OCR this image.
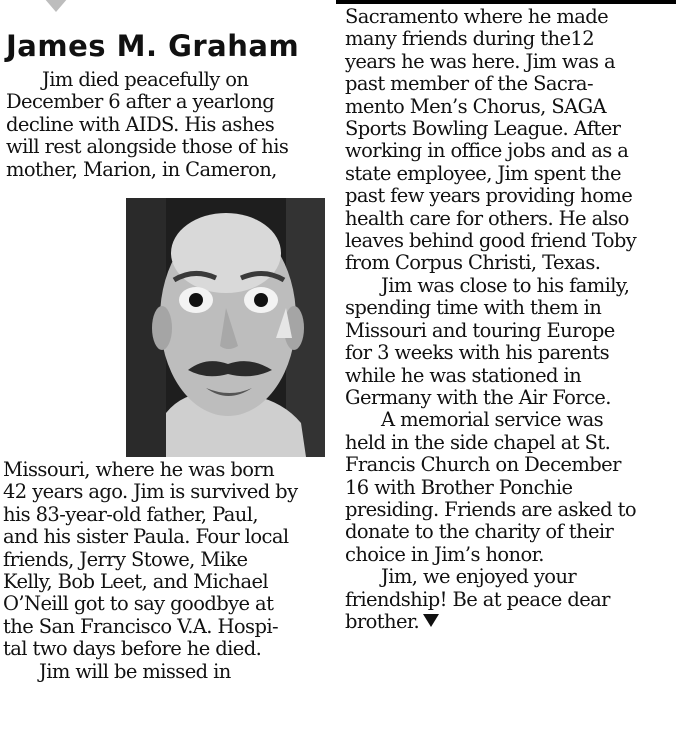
James M. Graham

Jim died peacefully on

December 6 after a yearlong

decline with AIDS. His ashes

will rest alongside those of his

mother, Marion, in Cameron,

Missouri, where he was born

42 years ago. Jim is survived by

his 83-year-old father, Paul,

and his sister Paula. Four local

friends, Jerry Stowe, Mike

Kelly, Bob Leet, and Michael

O’Neill got to say goodbye at

the San Francisco V.A. Hospi-

tal two days before he died.

Jim will be missed in

Sacramento where he made

many friends during the12

years he was here. Jim was a

past member of the Sacra-

mento Men’s Chorus, SAGA

Sports Bowling League. After

working in office jobs and as a

state employee, Jim spent the

past few years providing home

health care for others. He also

leaves behind good friend Toby

from Corpus Christi, Texas.

Jim was close to his family,

spending time with them in

Missouri and touring Europe

for 3 weeks with his parents

while he was stationed in

Germany with the Air Force.

A memorial service was

held in the side chapel at St.

Francis Church on December

16 with Brother Ponchie

presiding. Friends are asked to

donate to the charity of their

choice in Jim’s honor.

Jim, we enjoyed your

friendship! Be at peace dear

brother.
